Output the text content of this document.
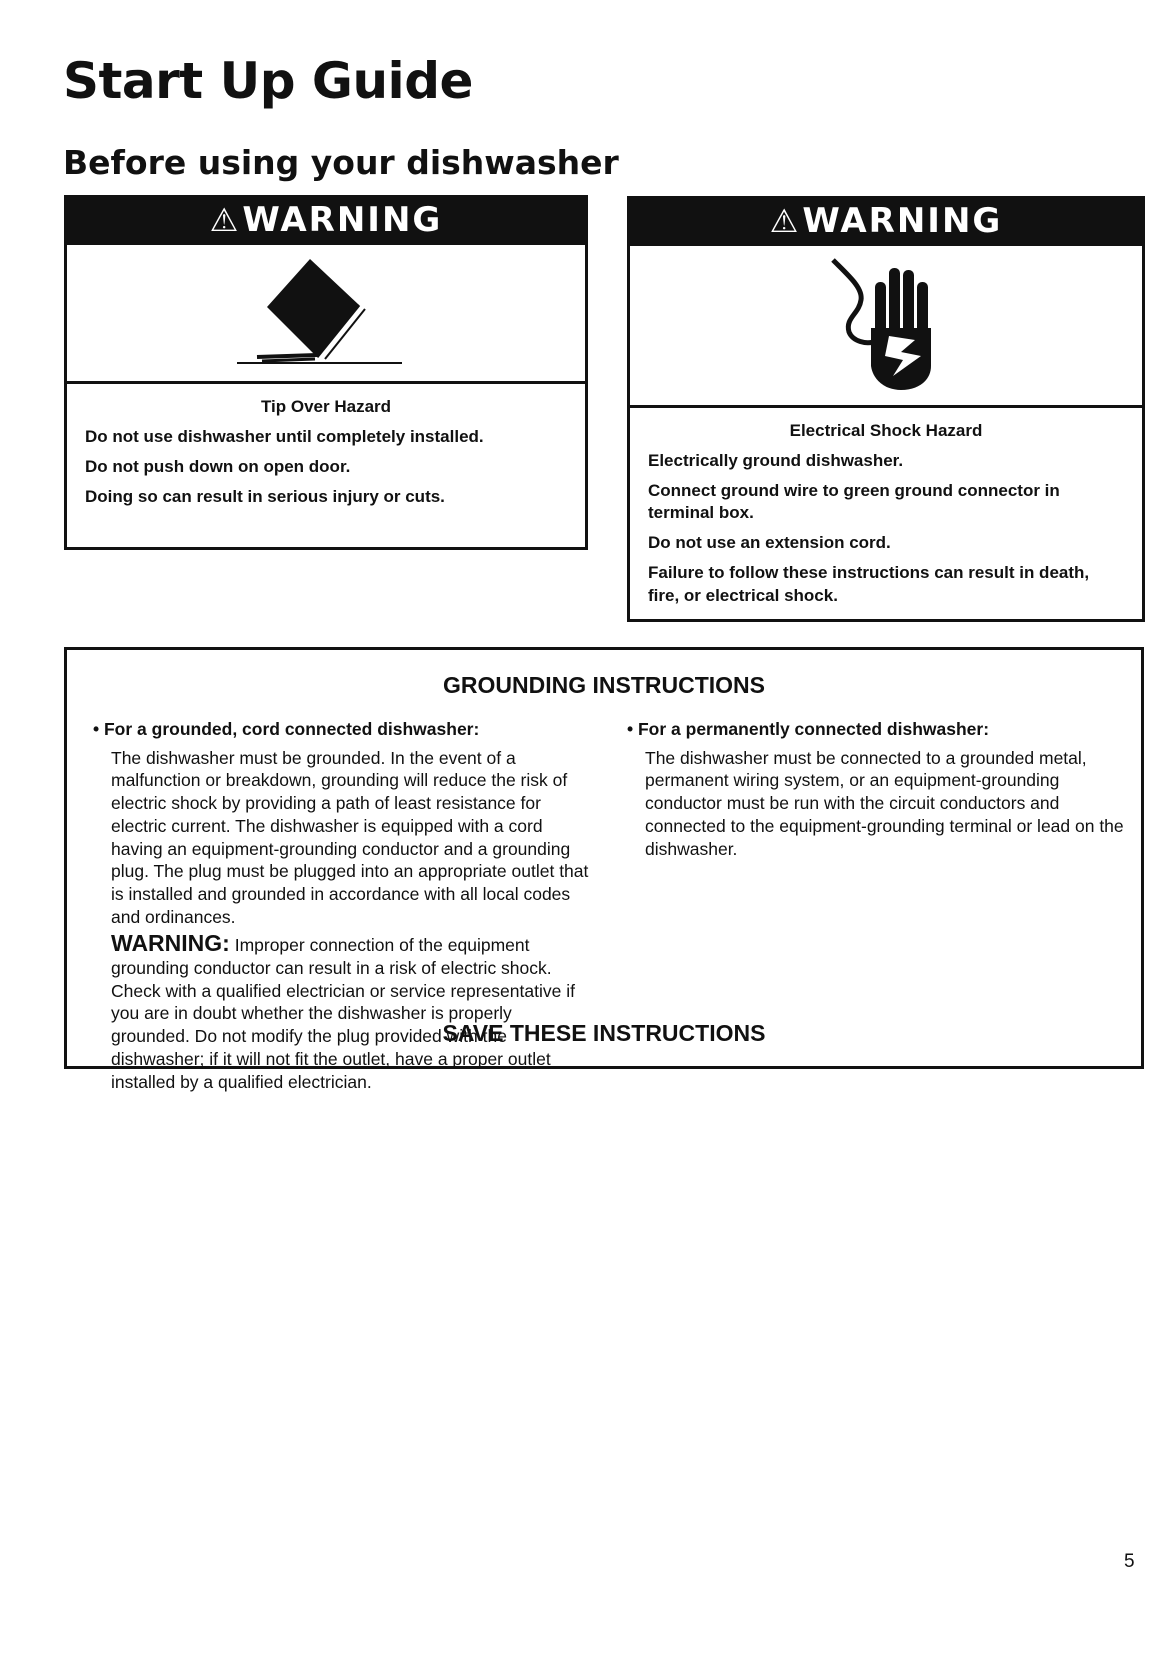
Start Up Guide
Before using your dishwasher
⚠ WARNING

Tip Over Hazard

Do not use dishwasher until completely installed.

Do not push down on open door.

Doing so can result in serious injury or cuts.

⚠ WARNING

Electrical Shock Hazard

Electrically ground dishwasher.

Connect ground wire to green ground connector in terminal box.

Do not use an extension cord.

Failure to follow these instructions can result in death, fire, or electrical shock.

GROUNDING INSTRUCTIONS

• For a grounded, cord connected dishwasher:

The dishwasher must be grounded. In the event of a malfunction or breakdown, grounding will reduce the risk of electric shock by providing a path of least resistance for electric current. The dishwasher is equipped with a cord having an equipment-grounding conductor and a grounding plug. The plug must be plugged into an appropriate outlet that is installed and grounded in accordance with all local codes and ordinances.

WARNING: Improper connection of the equipment grounding conductor can result in a risk of electric shock. Check with a qualified electrician or service representative if you are in doubt whether the dishwasher is properly grounded. Do not modify the plug provided with the dishwasher; if it will not fit the outlet, have a proper outlet installed by a qualified electrician.

• For a permanently connected dishwasher:

The dishwasher must be connected to a grounded metal, permanent wiring system, or an equipment-grounding conductor must be run with the circuit conductors and connected to the equipment-grounding terminal or lead on the dishwasher.

SAVE THESE INSTRUCTIONS

5
